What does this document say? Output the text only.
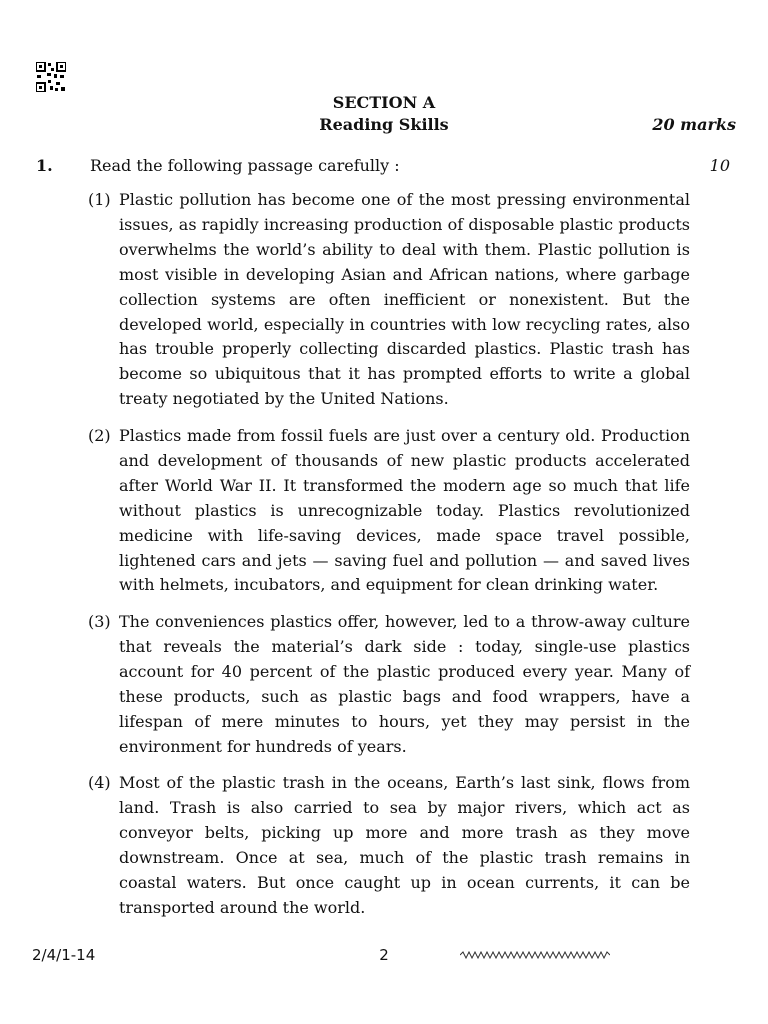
SECTION A
Reading Skills	20 marks
1. Read the following passage carefully :	10
(1) Plastic pollution has become one of the most pressing environmental issues, as rapidly increasing production of disposable plastic products overwhelms the world’s ability to deal with them. Plastic pollution is most visible in developing Asian and African nations, where garbage collection systems are often inefficient or nonexistent. But the developed world, especially in countries with low recycling rates, also has trouble properly collecting discarded plastics. Plastic trash has become so ubiquitous that it has prompted efforts to write a global treaty negotiated by the United Nations.
(2) Plastics made from fossil fuels are just over a century old. Production and development of thousands of new plastic products accelerated after World War II. It transformed the modern age so much that life without plastics is unrecognizable today. Plastics revolutionized medicine with life-saving devices, made space travel possible, lightened cars and jets — saving fuel and pollution — and saved lives with helmets, incubators, and equipment for clean drinking water.
(3) The conveniences plastics offer, however, led to a throw-away culture that reveals the material’s dark side : today, single-use plastics account for 40 percent of the plastic produced every year. Many of these products, such as plastic bags and food wrappers, have a lifespan of mere minutes to hours, yet they may persist in the environment for hundreds of years.
(4) Most of the plastic trash in the oceans, Earth’s last sink, flows from land. Trash is also carried to sea by major rivers, which act as conveyor belts, picking up more and more trash as they move downstream. Once at sea, much of the plastic trash remains in coastal waters. But once caught up in ocean currents, it can be transported around the world.
2/4/1-14	2
